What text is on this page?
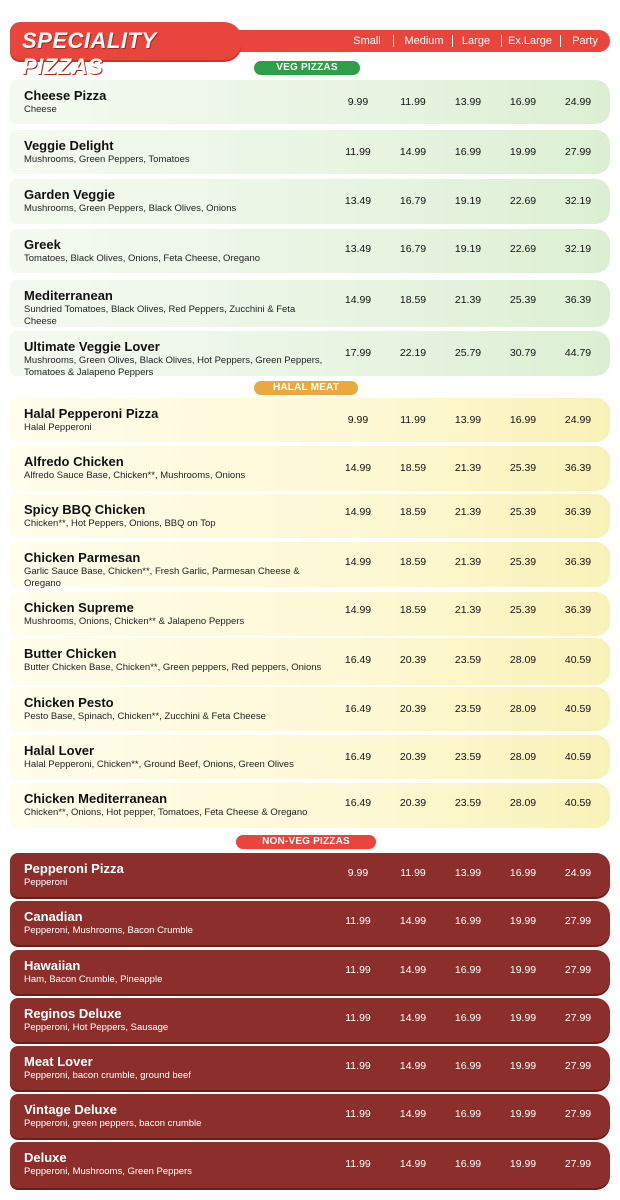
Small	Medium	Large	Ex.Large	Party
SPECIALITY PIZZAS	VEG PIZZAS
HALAL MEAT
NON-VEG PIZZAS
Cheese Pizza
Cheese
9.99	11.99	13.99	16.99	24.99
Veggie Delight
Mushrooms, Green Peppers, Tomatoes
11.99	14.99	16.99	19.99	27.99
Garden Veggie
Mushrooms, Green Peppers, Black Olives, Onions
13.49	16.79	19.19	22.69	32.19
Greek
Tomatoes, Black Olives, Onions, Feta Cheese, Oregano
13.49	16.79	19.19	22.69	32.19
Mediterranean
Sundried Tomatoes, Black Olives, Red Peppers, Zucchini & Feta Cheese
14.99	18.59	21.39	25.39	36.39
Ultimate Veggie Lover
Mushrooms, Green Olives, Black Olives, Hot Peppers, Green Peppers, Tomatoes & Jalapeno Peppers
17.99	22.19	25.79	30.79	44.79
Halal Pepperoni Pizza
Halal Pepperoni
9.99	11.99	13.99	16.99	24.99
Alfredo Chicken
Alfredo Sauce Base, Chicken**, Mushrooms, Onions
14.99	18.59	21.39	25.39	36.39
Spicy BBQ Chicken
Chicken**, Hot Peppers, Onions, BBQ on Top
14.99	18.59	21.39	25.39	36.39
Chicken Parmesan
Garlic Sauce Base, Chicken**, Fresh Garlic, Parmesan Cheese & Oregano
14.99	18.59	21.39	25.39	36.39
Chicken Supreme
Mushrooms, Onions, Chicken** & Jalapeno Peppers
14.99	18.59	21.39	25.39	36.39
Butter Chicken
Butter Chicken Base, Chicken**, Green peppers, Red peppers, Onions
16.49	20.39	23.59	28.09	40.59
Chicken Pesto
Pesto Base, Spinach, Chicken**, Zucchini & Feta Cheese
16.49	20.39	23.59	28.09	40.59
Halal Lover
Halal Pepperoni, Chicken**, Ground Beef, Onions, Green Olives
16.49	20.39	23.59	28.09	40.59
Chicken Mediterranean
Chicken**, Onions, Hot pepper, Tomatoes, Feta Cheese & Oregano
16.49	20.39	23.59	28.09	40.59
Pepperoni Pizza
Pepperoni
9.99	11.99	13.99	16.99	24.99
Canadian
Pepperoni, Mushrooms, Bacon Crumble
11.99	14.99	16.99	19.99	27.99
Hawaiian
Ham, Bacon Crumble, Pineapple
11.99	14.99	16.99	19.99	27.99
Reginos Deluxe
Pepperoni, Hot Peppers, Sausage
11.99	14.99	16.99	19.99	27.99
Meat Lover
Pepperoni, bacon crumble, ground beef
11.99	14.99	16.99	19.99	27.99
Vintage Deluxe
Pepperoni, green peppers, bacon crumble
11.99	14.99	16.99	19.99	27.99
Deluxe
Pepperoni, Mushrooms, Green Peppers
11.99	14.99	16.99	19.99	27.99
